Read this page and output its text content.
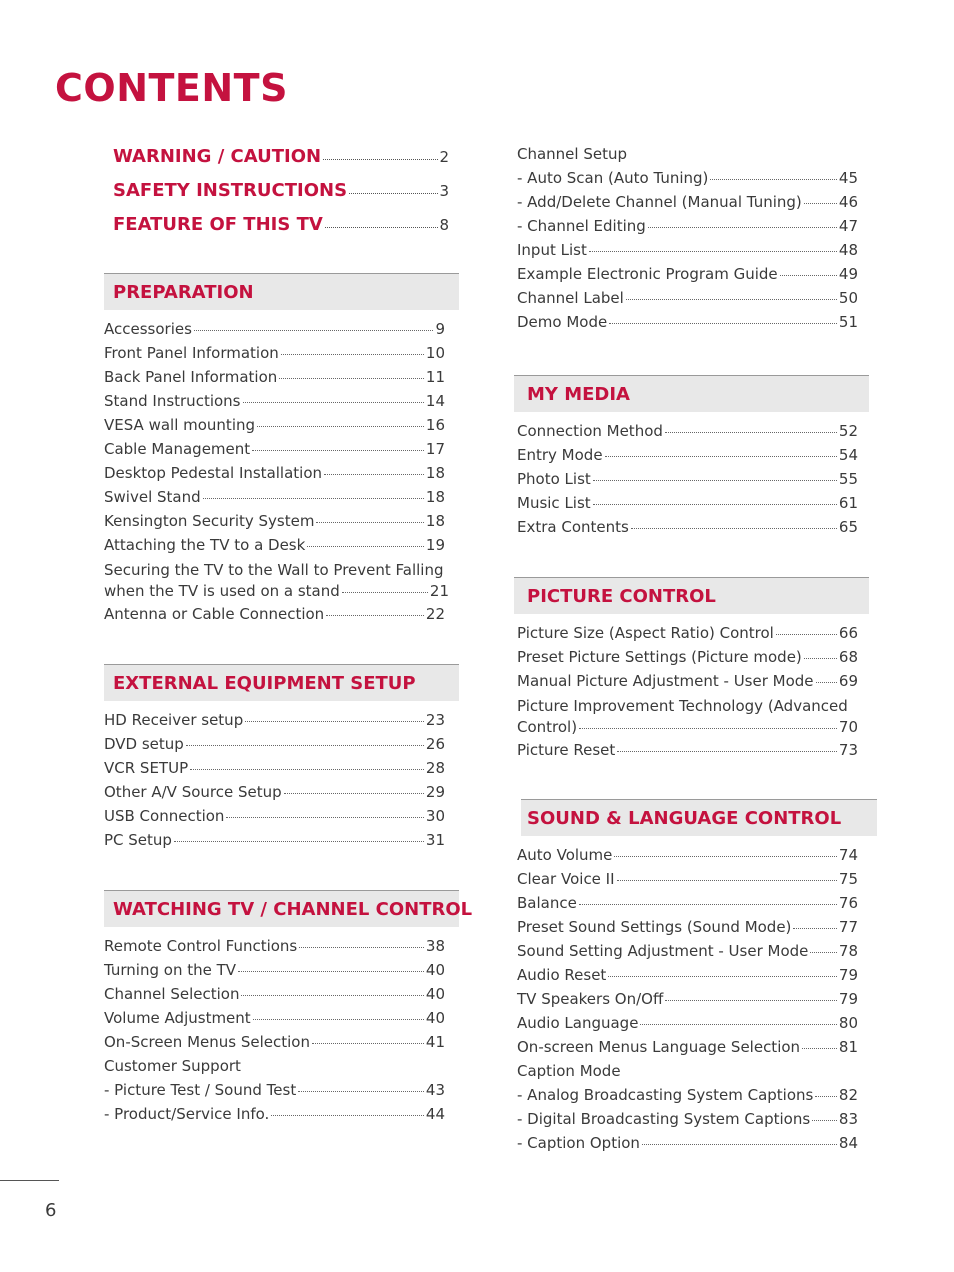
CONTENTS
WARNING / CAUTION	2
SAFETY INSTRUCTIONS	3
FEATURE OF THIS TV	8
PREPARATION
Accessories	9
Front Panel Information	10
Back Panel Information	11
Stand Instructions	14
VESA wall mounting	16
Cable Management	17
Desktop Pedestal Installation	18
Swivel Stand	18
Kensington Security System	18
Attaching the TV to a Desk	19
Securing the TV to the Wall to Prevent Falling
when the TV is used on a stand	21
Antenna or Cable Connection	22
EXTERNAL EQUIPMENT SETUP
HD Receiver setup	23
DVD setup	26
VCR SETUP	28
Other A/V Source Setup	29
USB Connection	30
PC Setup	31
WATCHING TV / CHANNEL CONTROL
Remote Control Functions	38
Turning on the TV	40
Channel Selection	40
Volume Adjustment	40
On-Screen Menus Selection	41
Customer Support
- Picture Test / Sound Test	43
- Product/Service Info.	44
Channel Setup
- Auto Scan (Auto Tuning)	45
- Add/Delete Channel (Manual Tuning) 46
- Channel Editing	47
Input List	48
Example Electronic Program Guide	49
Channel Label	50
Demo Mode	51
MY MEDIA
Connection Method	52
Entry Mode	54
Photo List	55
Music List	61
Extra Contents	65
PICTURE CONTROL
Picture Size (Aspect Ratio) Control	66
Preset Picture Settings (Picture mode) 68
Manual Picture Adjustment - User Mode 69
Picture Improvement Technology (Advanced
Control)	70
Picture Reset	73
SOUND & LANGUAGE CONTROL
Auto Volume	74
Clear Voice II	75
Balance	76
Preset Sound Settings (Sound Mode)	77
Sound Setting Adjustment - User Mode 78
Audio Reset	79
TV Speakers On/Off	79
Audio Language	80
On-screen Menus Language Selection	81
Caption Mode
- Analog Broadcasting System Captions 82
- Digital Broadcasting System Captions 83
- Caption Option	84
6
